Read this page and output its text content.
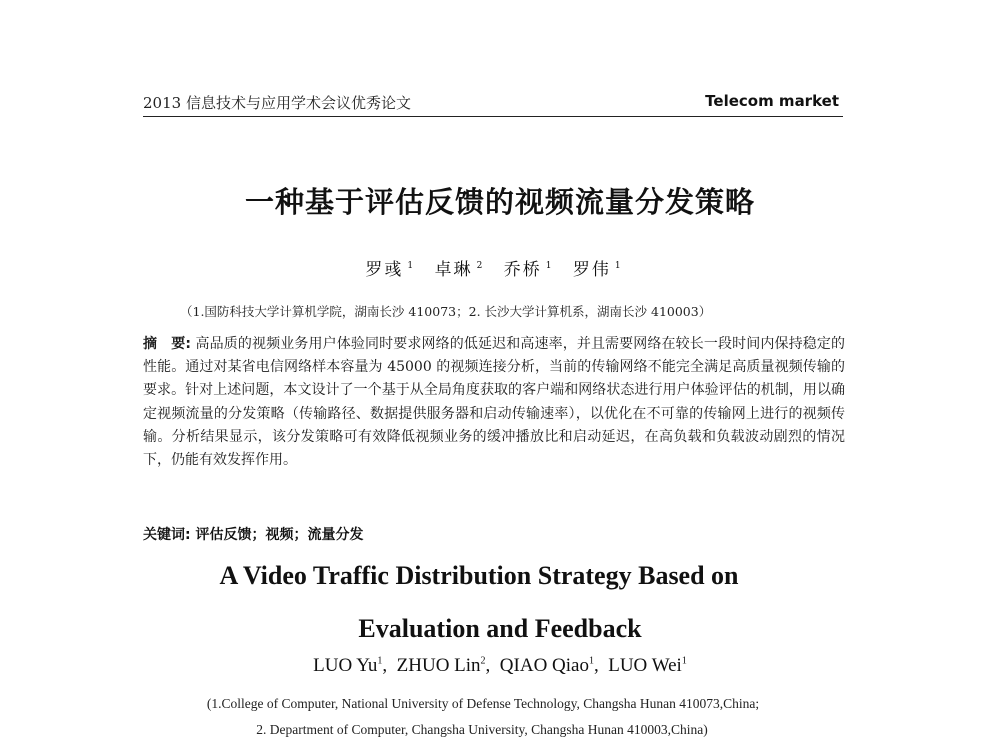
2013 信息技术与应用学术会议优秀论文	Telecom market
一种基于评估反馈的视频流量分发策略
罗彧 $^1$ 卓琳 $^2$ 乔桥 $^1$ 罗伟 $^1$
（1.国防科技大学计算机学院，湖南长沙 410073；2. 长沙大学计算机系，湖南长沙 410003）
摘　要: 高品质的视频业务用户体验同时要求网络的低延迟和高速率，并且需要网络在较长一段时间内保持稳定的性能。通过对某省电信网络样本容量为 45000 的视频连接分析，当前的传输网络不能完全满足高质量视频传输的要求。针对上述问题，本文设计了一个基于从全局角度获取的客户端和网络状态进行用户体验评估的机制，用以确定视频流量的分发策略（传输路径、数据提供服务器和启动传输速率），以优化在不可靠的传输网上进行的视频传输。分析结果显示，该分发策略可有效降低视频业务的缓冲播放比和启动延迟，在高负载和负载波动剧烈的情况下，仍能有效发挥作用。
关键词: 评估反馈；视频；流量分发
A Video Traffic Distribution Strategy Based on
Evaluation and Feedback
LUO Yu$^1$,  ZHUO Lin$^2$,  QIAO Qiao$^1$,  LUO Wei$^1$
(1.College of Computer, National University of Defense Technology, Changsha Hunan 410073,China;
2. Department of Computer, Changsha University, Changsha Hunan 410003,China)
